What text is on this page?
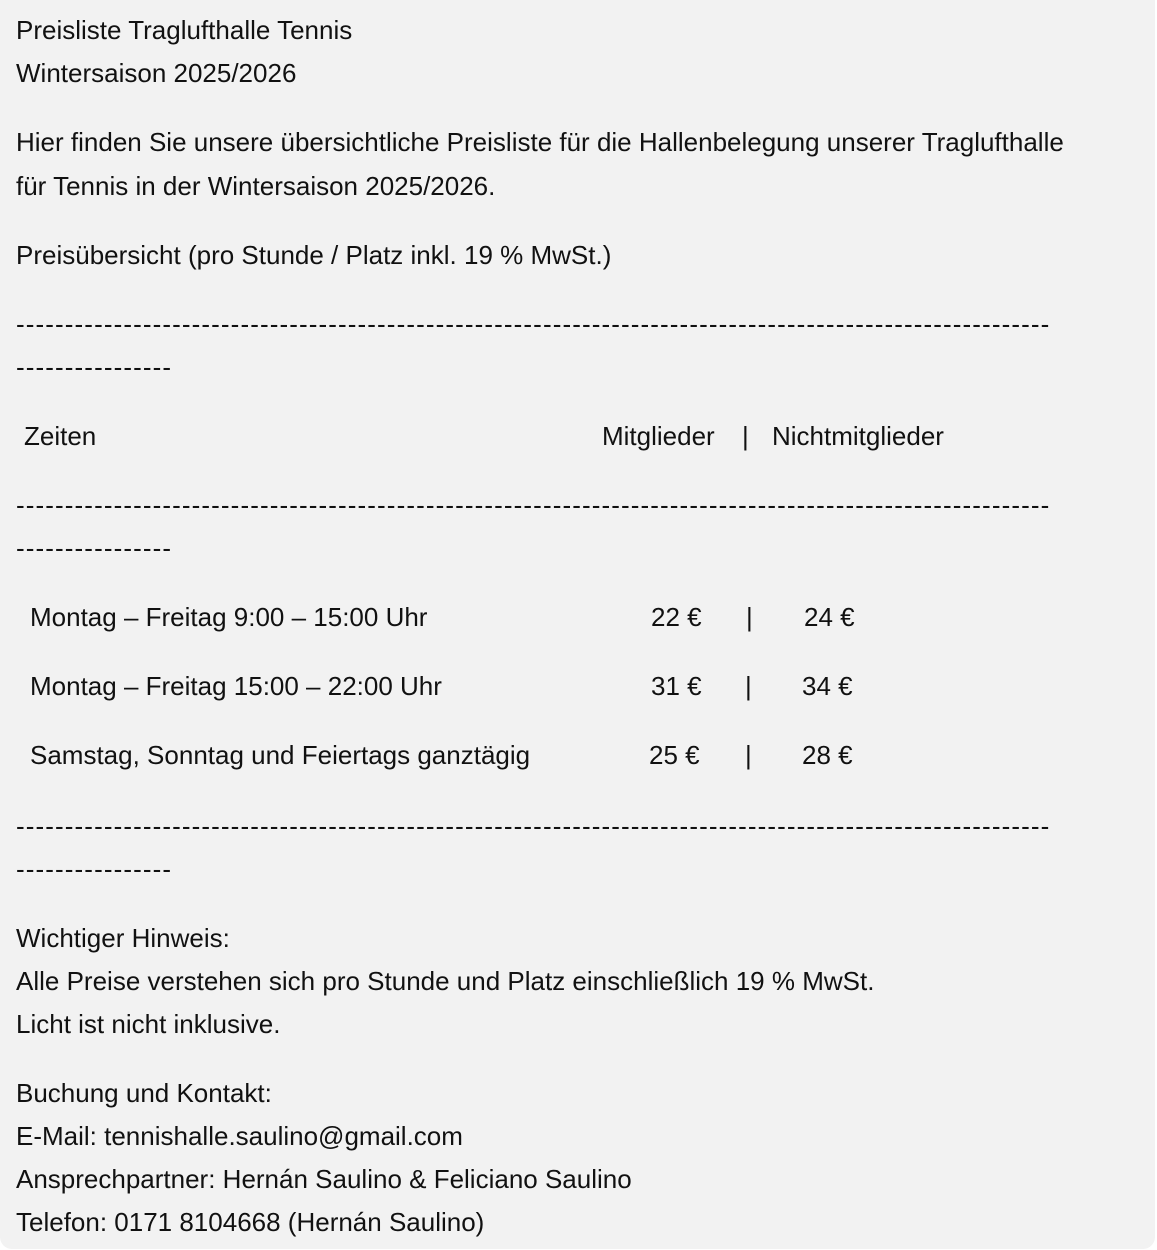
Preisliste Traglufthalle Tennis
Wintersaison 2025/2026
Hier finden Sie unsere übersichtliche Preisliste für die Hallenbelegung unserer Traglufthalle
für Tennis in der Wintersaison 2025/2026.
Preisübersicht (pro Stunde / Platz inkl. 19 % MwSt.)
----------------------------------------------------------------------------------------------------------
----------------
Zeiten	Mitglieder | Nichtmitglieder
----------------------------------------------------------------------------------------------------------
----------------
Montag – Freitag 9:00 – 15:00 Uhr	22 € | 24 €
Montag – Freitag 15:00 – 22:00 Uhr	31 € | 34 €
Samstag, Sonntag und Feiertags ganztägig	25 € | 28 €
----------------------------------------------------------------------------------------------------------
----------------
Wichtiger Hinweis:
Alle Preise verstehen sich pro Stunde und Platz einschließlich 19 % MwSt.
Licht ist nicht inklusive.
Buchung und Kontakt:
E-Mail: tennishalle.saulino@gmail.com
Ansprechpartner: Hernán Saulino & Feliciano Saulino
Telefon: 0171 8104668 (Hernán Saulino)
